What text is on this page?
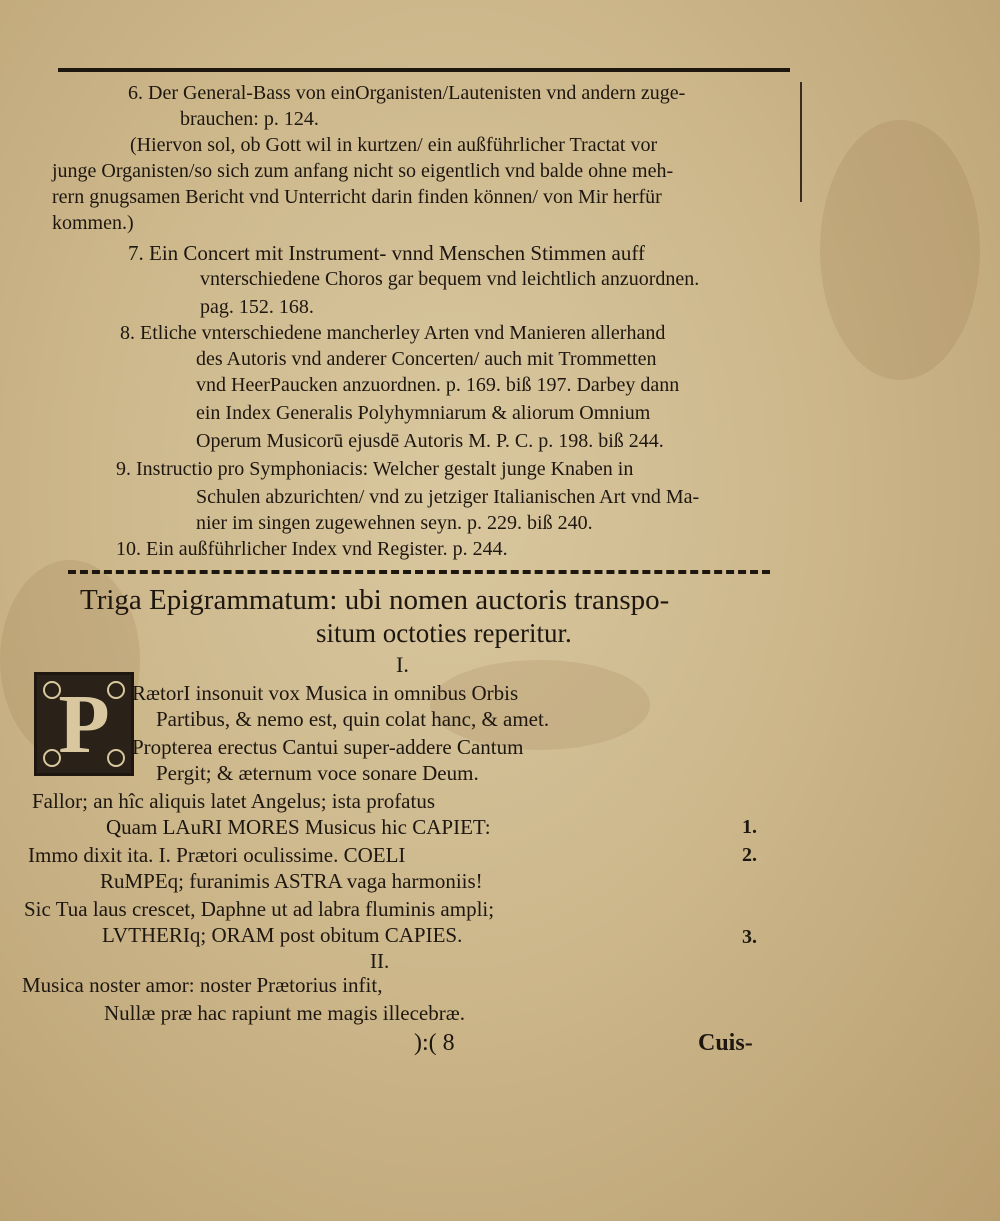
6. Der General-Bass von einOrganisten/Lautenisten vnd andern zuge-
brauchen: p. 124.
(Hiervon sol, ob Gott wil in kurtzen/ ein außführlicher Tractat vor
junge Organisten/so sich zum anfang nicht so eigentlich vnd balde ohne meh-
rern gnugsamen Bericht vnd Unterricht darin finden können/ von Mir herfür
kommen.)
7. Ein Concert mit Instrument- vnnd Menschen Stimmen auff
vnterschiedene Choros gar bequem vnd leichtlich anzuordnen.
pag. 152. 168.
8. Etliche vnterschiedene mancherley Arten vnd Manieren allerhand
des Autoris vnd anderer Concerten/ auch mit Trommetten
vnd HeerPaucken anzuordnen. p. 169. biß 197. Darbey dann
ein Index Generalis Polyhymniarum & aliorum Omnium
Operum Musicorū ejusdē Autoris M. P. C. p. 198. biß 244.
9. Instructio pro Symphoniacis: Welcher gestalt junge Knaben in
Schulen abzurichten/ vnd zu jetziger Italianischen Art vnd Ma-
nier im singen zugewehnen seyn. p. 229. biß 240.
10. Ein außführlicher Index vnd Register. p. 244.
Triga Epigrammatum: ubi nomen auctoris transpo-
situm octoties reperitur.
I.
P	RætorI insonuit vox Musica in omnibus Orbis
Partibus, & nemo est, quin colat hanc, & amet.
Propterea erectus Cantui super-addere Cantum
Pergit; & æternum voce sonare Deum.
Fallor; an hîc aliquis latet Angelus; ista profatus
Quam LAuRI MORES Musicus hic CAPIET:
Immo dixit ita. I. Prætori oculissime. COELI
RuMPEq; furanimis ASTRA vaga harmoniis!
Sic Tua laus crescet, Daphne ut ad labra fluminis ampli;
LVTHERIq; ORAM post obitum CAPIES.
1.
2.
3.
II.
Musica noster amor: noster Prætorius infit,
Nullæ præ hac rapiunt me magis illecebræ.
):( 8	Cuis-
